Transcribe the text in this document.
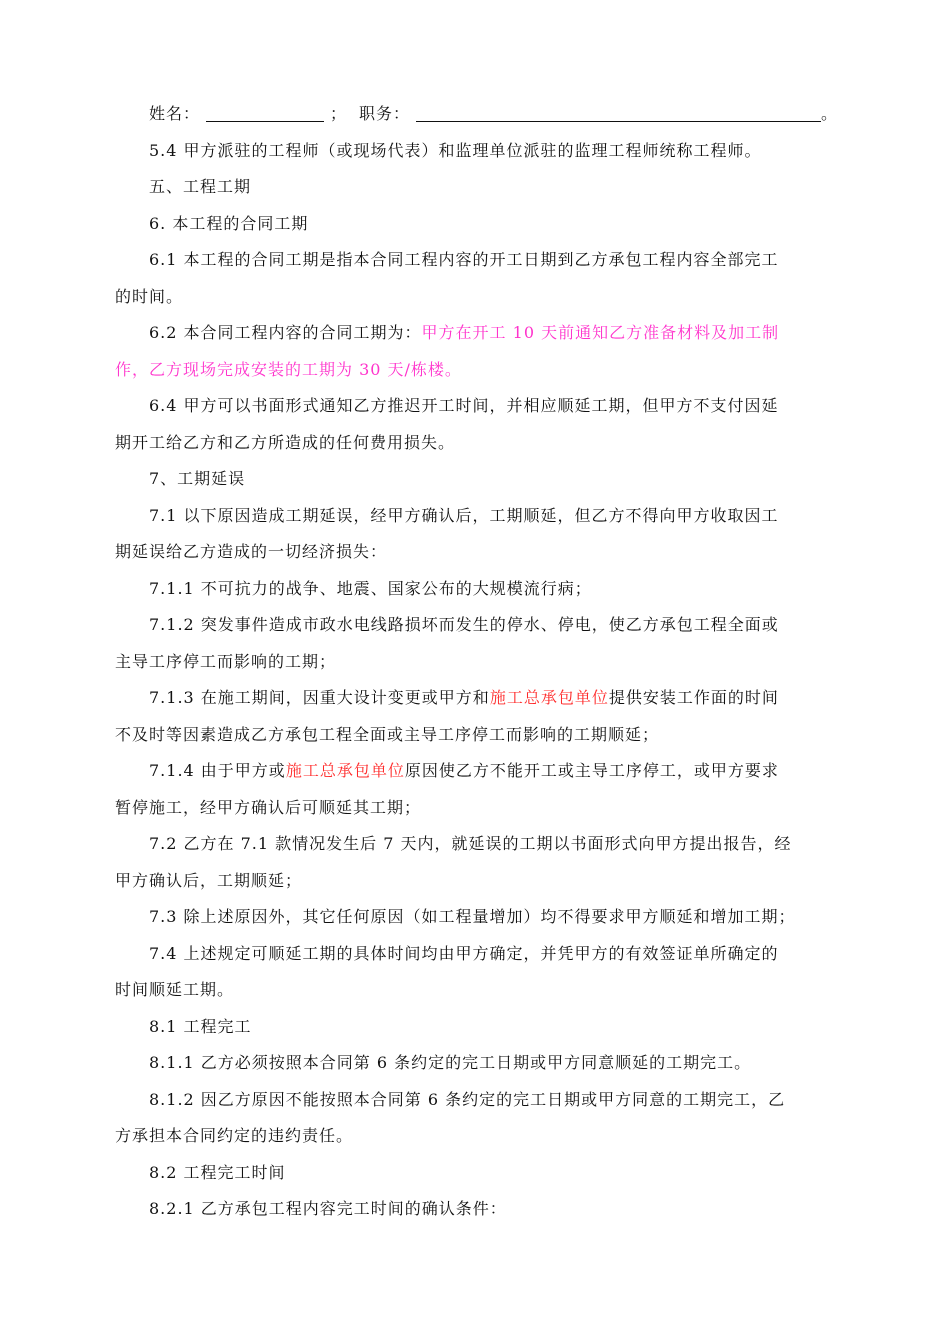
姓名：	； 职务：	。
5.4 甲方派驻的工程师（或现场代表）和监理单位派驻的监理工程师统称工程师。
五、工程工期
6. 本工程的合同工期
6.1 本工程的合同工期是指本合同工程内容的开工日期到乙方承包工程内容全部完工
的时间。
6.2 本合同工程内容的合同工期为：甲方在开工 10 天前通知乙方准备材料及加工制
作，乙方现场完成安装的工期为 30 天/栋楼。
6.4 甲方可以书面形式通知乙方推迟开工时间，并相应顺延工期，但甲方不支付因延
期开工给乙方和乙方所造成的任何费用损失。
7、工期延误
7.1 以下原因造成工期延误，经甲方确认后，工期顺延，但乙方不得向甲方收取因工
期延误给乙方造成的一切经济损失：
7.1.1 不可抗力的战争、地震、国家公布的大规模流行病；
7.1.2 突发事件造成市政水电线路损坏而发生的停水、停电，使乙方承包工程全面或
主导工序停工而影响的工期；
7.1.3 在施工期间，因重大设计变更或甲方和施工总承包单位提供安装工作面的时间
不及时等因素造成乙方承包工程全面或主导工序停工而影响的工期顺延；
7.1.4 由于甲方或施工总承包单位原因使乙方不能开工或主导工序停工，或甲方要求
暂停施工，经甲方确认后可顺延其工期；
7.2 乙方在 7.1 款情况发生后 7 天内，就延误的工期以书面形式向甲方提出报告，经
甲方确认后，工期顺延；
7.3 除上述原因外，其它任何原因（如工程量增加）均不得要求甲方顺延和增加工期；
7.4 上述规定可顺延工期的具体时间均由甲方确定，并凭甲方的有效签证单所确定的
时间顺延工期。
8.1 工程完工
8.1.1 乙方必须按照本合同第 6 条约定的完工日期或甲方同意顺延的工期完工。
8.1.2 因乙方原因不能按照本合同第 6 条约定的完工日期或甲方同意的工期完工，乙
方承担本合同约定的违约责任。
8.2 工程完工时间
8.2.1 乙方承包工程内容完工时间的确认条件：
